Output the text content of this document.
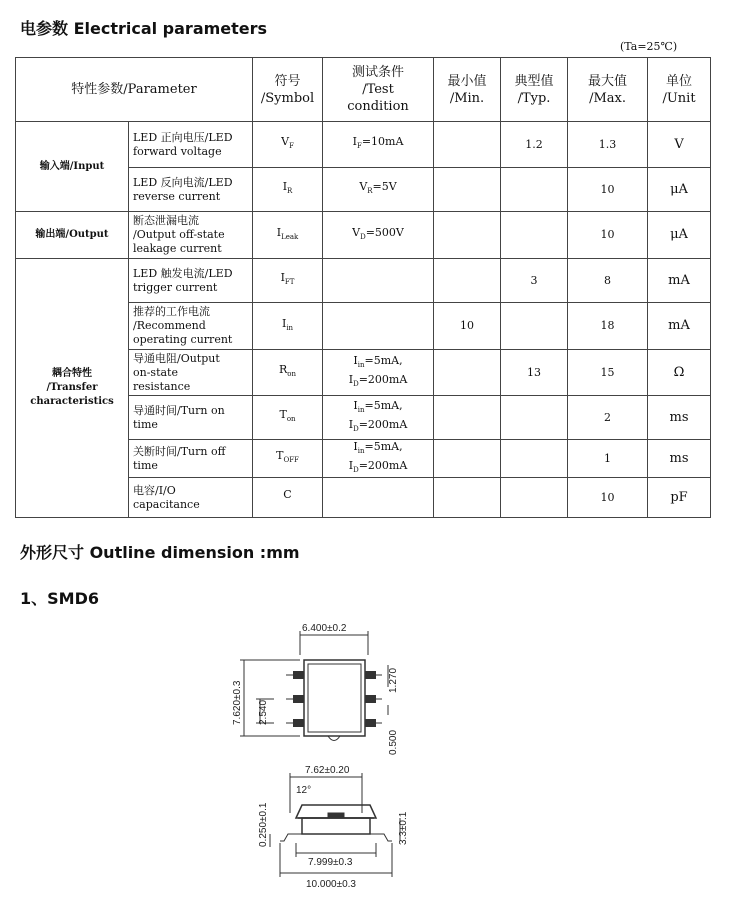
电参数 Electrical parameters
(Ta=25℃)
特性参数/Parameter		符号
/Symbol	测试条件
/Test
condition	最小值
/Min.	典型值
/Typ.	最大值
/Max.	单位
/Unit
输入端/Input	LED 正向电压/LED
forward voltage	$V_F$	$I_F=10mA$		1.2	1.3	V
	LED 反向电流/LED
reverse current	$I_R$	$V_R=5V$			10	μA
输出端/Output	断态泄漏电流
/Output off-state
leakage current	$I_{Leak}$	$V_D=500V$			10	μA
耦合特性
/Transfer
characteristics	LED 触发电流/LED
trigger current	$I_{FT}$			3	8	mA
	推荐的工作电流
/Recommend
operating current	$I_{in}$		10		18	mA
	导通电阻/Output
on-state
resistance	$R_{on}$	$I_{in}=5mA$, $I_D=200mA$		13	15	Ω
	导通时间/Turn on
time	$T_{on}$	$I_{in}=5mA$, $I_D=200mA$			2	ms
	关断时间/Turn off
time	$T_{OFF}$	$I_{in}=5mA$, $I_D=200mA$			1	ms
	电容/I/O
capacitance	C				10	pF
外形尺寸 Outline dimension :mm
1、SMD6
6.400±0.2
7.620±0.3 2.540
1.270
0.500
7.62±0.20
12°
0.250±0.1	3.3±0.1
7.999±0.3
10.000±0.3
